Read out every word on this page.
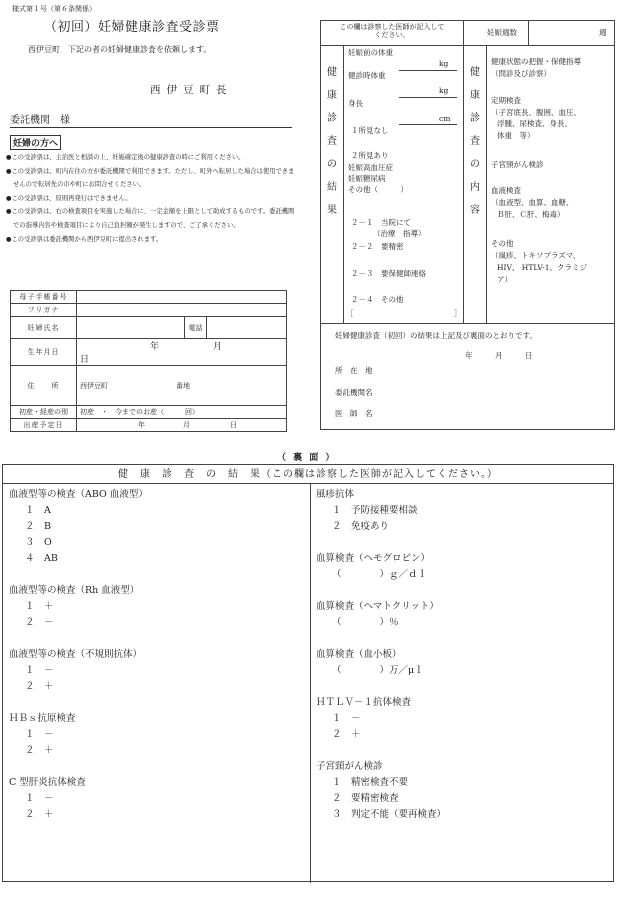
様式第１号（第６条関係）
（初回）妊婦健康診査受診票
西伊豆町　下記の者の妊婦健康診査を依頼します。
西伊豆町長
委託機関　様
妊婦の方へ
●この受診票は、主治医と相談の上、妊娠確定後の健康診査の時にご利用ください。
●この受診票は、町内在住の方が委託機関で利用できます。ただし、町外へ転居した場合は使用できませんので転居先の市や町にお問合せください。
●この受診票は、原則再発行はできません。
●この受診票は、右の検査項目を実施した場合に、一定金額を上限として助成するものです。委託機関での指導内容や検査項目により自己負担額が発生しますので、ご了承ください。
●この受診票は委託機関から西伊豆町に提出されます。
母子手帳番号			
フリガナ			
妊婦氏名		電話	
生年月日	年 月日		
住　　所	西伊豆町 番地		
初産・経産の別	初産　・　今までのお産（　　　回）		
出産予定日	年 月 日		
この欄は診察した医師が記入してください。	妊娠週数	週
健
康
診
査
の
結
果
健
康
診
査
の
内
容
妊娠前の体重
kg
健診時体重
kg
身長
cm
１所見なし
２所見あり
妊娠高血圧症
妊娠糖尿病
その他（　　　）
２－１　当院にて
（治療　指導）
２－２　要精密
２－３　要保健師連絡
２－４　その他
［	］
健康状態の把握・保健指導
（問診及び診察）
定期検査
（子宮底長、腹囲、血圧、
浮腫、尿検査、身長、
体重　等）
子宮頸がん検診
血液検査
（血液型、血算、血糖、
Ｂ肝、Ｃ肝、梅毒）
その他
（風疹、トキソプラズマ、
HIV、 HTLV-1、クラミジ
ア）
妊婦健康診査（初回）の結果は上記及び裏面のとおりです。
年　　　月　　　日
所　在　地
委託機関名
医　師　名
（ 裏 面 ）
健　康　診　査　の　結　果（この欄は診察した医師が記入してください。）
血液型等の検査（ABO 血液型）
１　A
２　B
３　O
４　AB
血液型等の検査（Rh 血液型）
１　＋
２　－
血液型等の検査（不規則抗体）
１　－
２　＋
ＨＢｓ抗原検査
１　－
２　＋
C 型肝炎抗体検査
１　－
２　＋
風疹抗体
１　予防接種要相談
２　免疫あり
血算検査（ヘモグロビン）
（　　　　）ｇ／ｄｌ
血算検査（ヘマトクリット）
（　　　　）％
血算検査（血小板）
（　　　　）万／μｌ
ＨＴＬＶ－１抗体検査
１　－
２　＋
子宮頸がん検診
１　精密検査不要
２　要精密検査
３　判定不能（要再検査）
